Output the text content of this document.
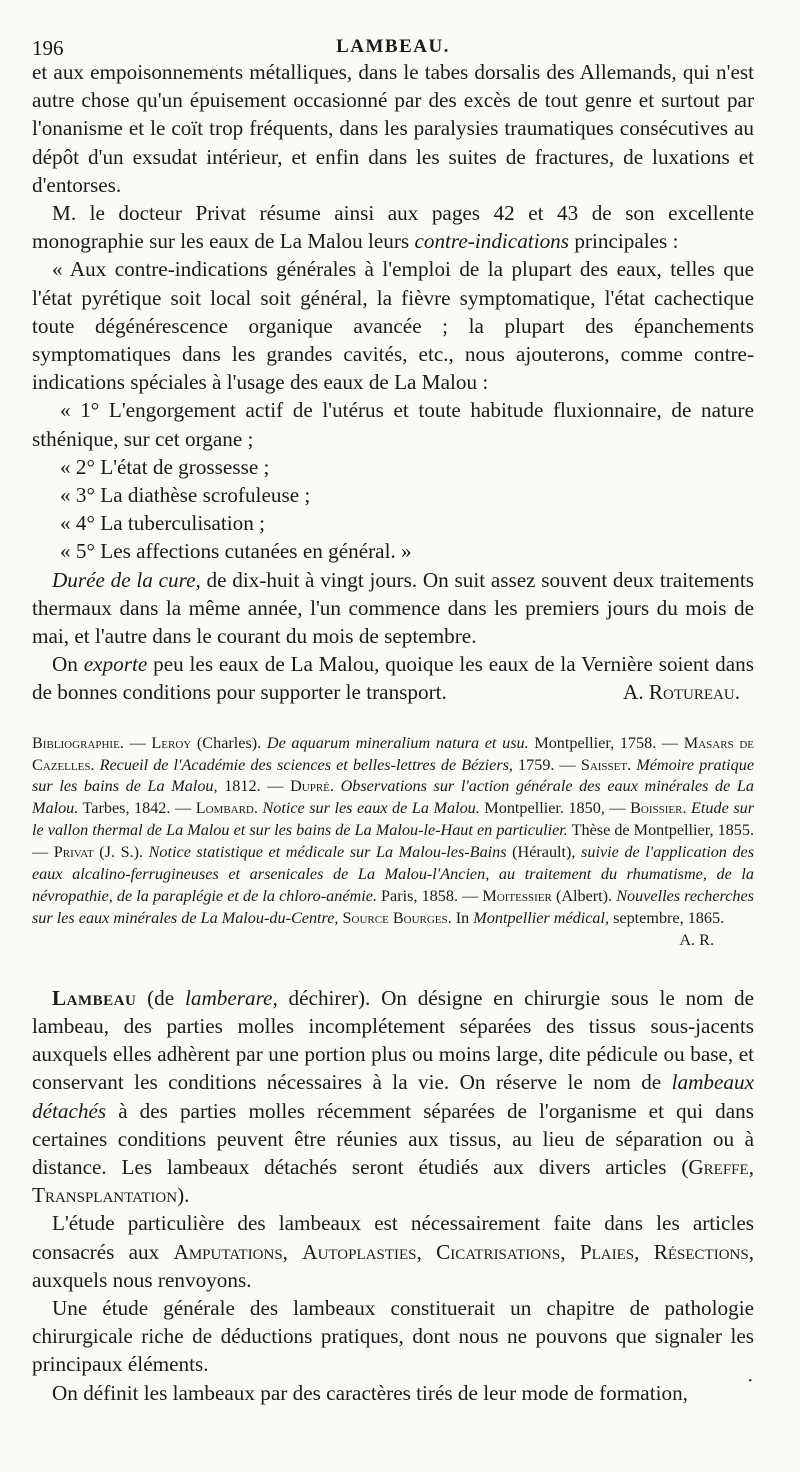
196	LAMBEAU.

et aux empoisonnements métalliques, dans le tabes dorsalis des Allemands, qui n'est autre chose qu'un épuisement occasionné par des excès de tout genre et surtout par l'onanisme et le coït trop fréquents, dans les paralysies traumatiques consécutives au dépôt d'un exsudat intérieur, et enfin dans les suites de fractures, de luxations et d'entorses.

M. le docteur Privat résume ainsi aux pages 42 et 43 de son excellente monographie sur les eaux de La Malou leurs contre-indications principales :

« Aux contre-indications générales à l'emploi de la plupart des eaux, telles que l'état pyrétique soit local soit général, la fièvre symptomatique, l'état cachectique toute dégénérescence organique avancée ; la plupart des épanchements symptomatiques dans les grandes cavités, etc., nous ajouterons, comme contre-indications spéciales à l'usage des eaux de La Malou :

« 1° L'engorgement actif de l'utérus et toute habitude fluxionnaire, de nature sthénique, sur cet organe ;

« 2° L'état de grossesse ;

« 3° La diathèse scrofuleuse ;

« 4° La tuberculisation ;

« 5° Les affections cutanées en général. »

Durée de la cure, de dix-huit à vingt jours. On suit assez souvent deux traitements thermaux dans la même année, l'un commence dans les premiers jours du mois de mai, et l'autre dans le courant du mois de septembre.

On exporte peu les eaux de La Malou, quoique les eaux de la Vernière soient dans de bonnes conditions pour supporter le transport.	A. Rotureau.

Bibliographie. — Leroy (Charles). De aquarum mineralium natura et usu. Montpellier, 1758. — Masars de Cazelles. Recueil de l'Académie des sciences et belles-lettres de Béziers, 1759. — Saisset. Mémoire pratique sur les bains de La Malou, 1812. — Dupré. Observations sur l'action générale des eaux minérales de La Malou. Tarbes, 1842. — Lombard. Notice sur les eaux de La Malou. Montpellier. 1850, — Boissier. Etude sur le vallon thermal de La Malou et sur les bains de La Malou-le-Haut en particulier. Thèse de Montpellier, 1855. — Privat (J. S.). Notice statistique et médicale sur La Malou-les-Bains (Hérault), suivie de l'application des eaux alcalino-ferrugineuses et arsenicales de La Malou-l'Ancien, au traitement du rhumatisme, de la névropathie, de la paraplégie et de la chloro-anémie. Paris, 1858. — Moitessier (Albert). Nouvelles recherches sur les eaux minérales de La Malou-du-Centre, Source Bourges. In Montpellier médical, septembre, 1865.
A. R.

Lambeau (de lamberare, déchirer). On désigne en chirurgie sous le nom de lambeau, des parties molles incomplétement séparées des tissus sous-jacents auxquels elles adhèrent par une portion plus ou moins large, dite pédicule ou base, et conservant les conditions nécessaires à la vie. On réserve le nom de lambeaux détachés à des parties molles récemment séparées de l'organisme et qui dans certaines conditions peuvent être réunies aux tissus, au lieu de séparation ou à distance. Les lambeaux détachés seront étudiés aux divers articles (Greffe, Transplantation).

L'étude particulière des lambeaux est nécessairement faite dans les articles consacrés aux Amputations, Autoplasties, Cicatrisations, Plaies, Résections, auxquels nous renvoyons.

Une étude générale des lambeaux constituerait un chapitre de pathologie chirurgicale riche de déductions pratiques, dont nous ne pouvons que signaler les principaux éléments.

On définit les lambeaux par des caractères tirés de leur mode de formation,	•
